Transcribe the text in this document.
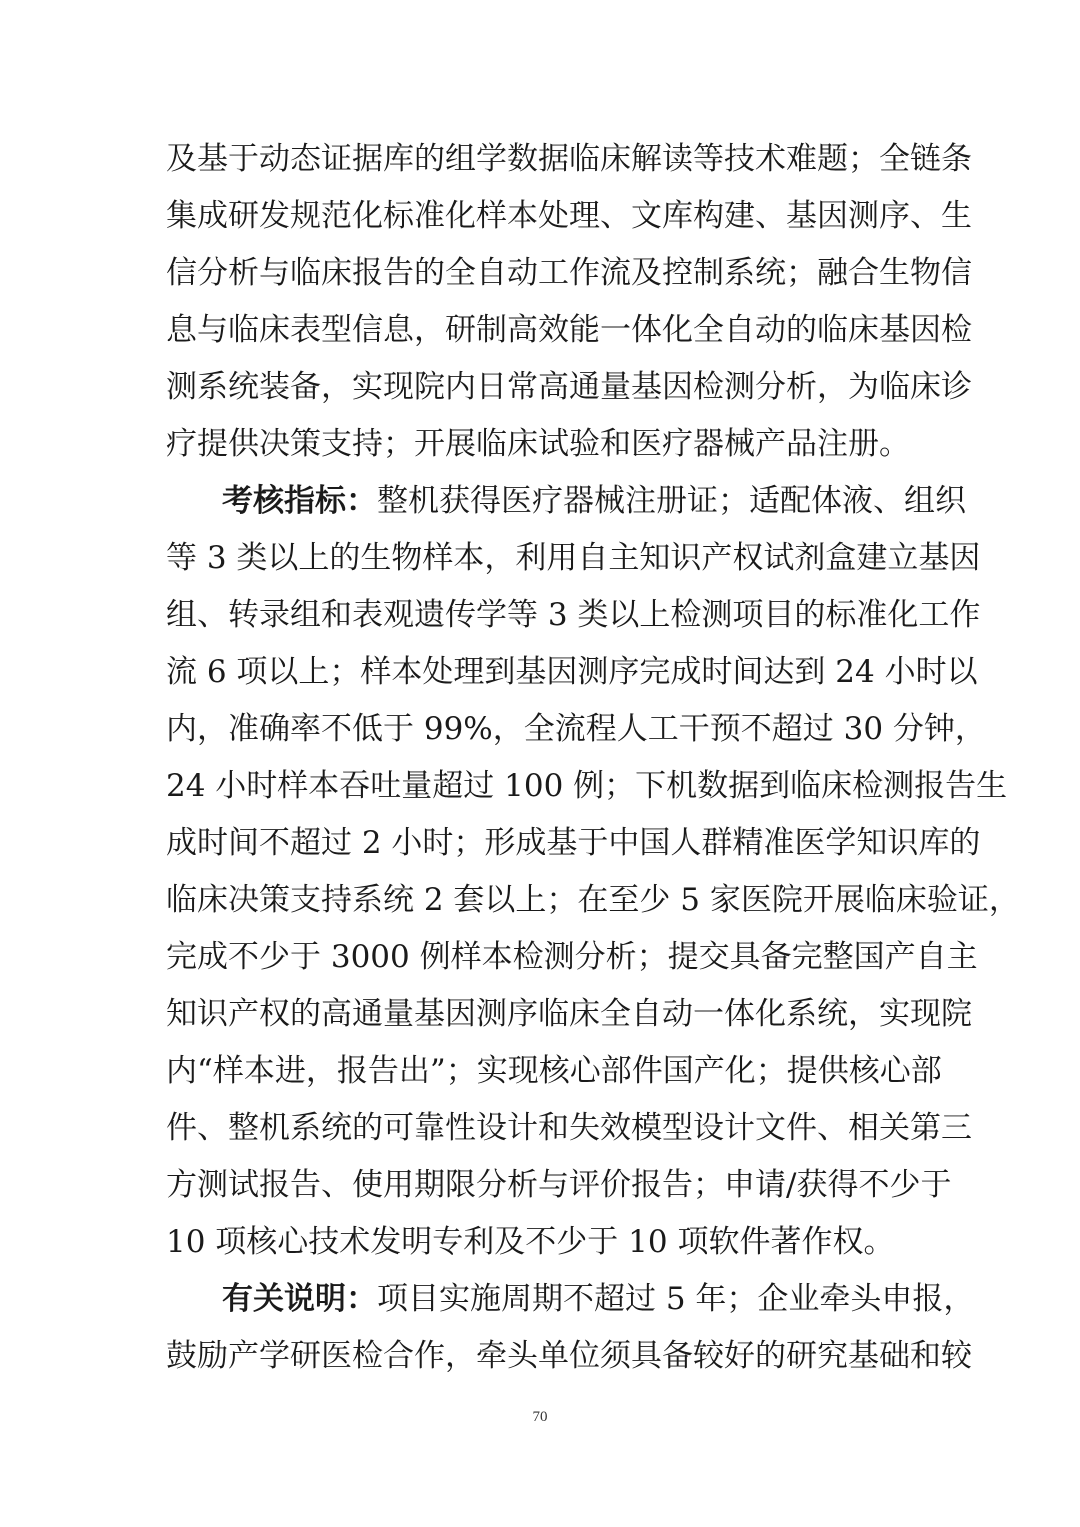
及基于动态证据库的组学数据临床解读等技术难题；全链条
集成研发规范化标准化样本处理、文库构建、基因测序、生
信分析与临床报告的全自动工作流及控制系统；融合生物信
息与临床表型信息，研制高效能一体化全自动的临床基因检
测系统装备，实现院内日常高通量基因检测分析，为临床诊
疗提供决策支持；开展临床试验和医疗器械产品注册。
考核指标：整机获得医疗器械注册证；适配体液、组织
等 3 类以上的生物样本，利用自主知识产权试剂盒建立基因
组、转录组和表观遗传学等 3 类以上检测项目的标准化工作
流 6 项以上；样本处理到基因测序完成时间达到 24 小时以
内，准确率不低于 99%，全流程人工干预不超过 30 分钟，
24 小时样本吞吐量超过 100 例；下机数据到临床检测报告生
成时间不超过 2 小时；形成基于中国人群精准医学知识库的
临床决策支持系统 2 套以上；在至少 5 家医院开展临床验证，
完成不少于 3000 例样本检测分析；提交具备完整国产自主
知识产权的高通量基因测序临床全自动一体化系统，实现院
内“样本进，报告出”；实现核心部件国产化；提供核心部
件、整机系统的可靠性设计和失效模型设计文件、相关第三
方测试报告、使用期限分析与评价报告；申请/获得不少于
10 项核心技术发明专利及不少于 10 项软件著作权。
有关说明：项目实施周期不超过 5 年；企业牵头申报，
鼓励产学研医检合作，牵头单位须具备较好的研究基础和较
70
